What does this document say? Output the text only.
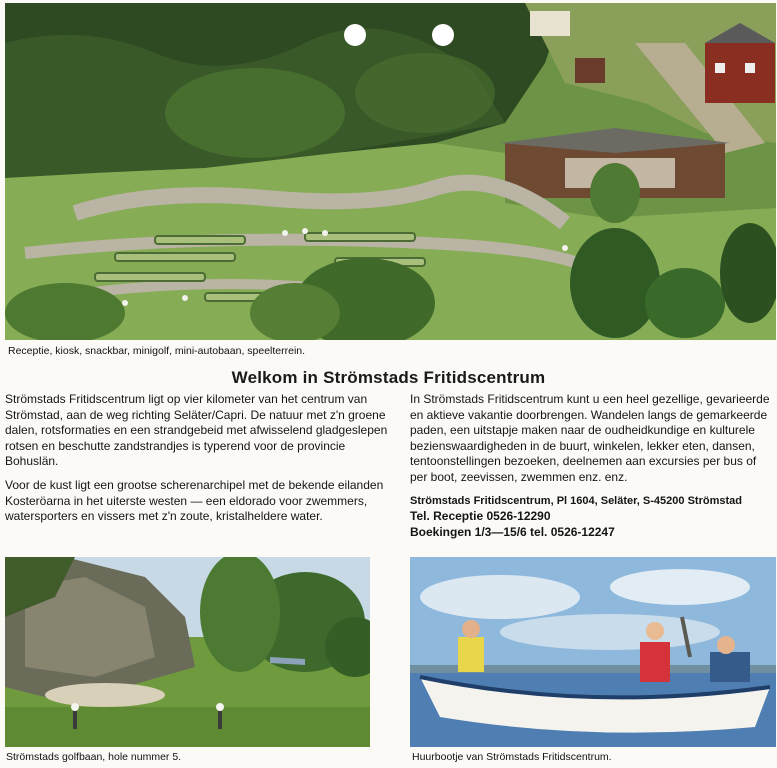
Receptie, kiosk, snackbar, minigolf, mini-autobaan, speelterrein.
Welkom in Strömstads Fritidscentrum

Strömstads Fritidscentrum ligt op vier kilometer van het centrum van Strömstad, aan de weg richting Seläter/Capri. De natuur met z'n groene dalen, rotsformaties en een strandgebeid met afwisselend gladgeslepen rotsen en beschutte zandstrandjes is typerend voor de provincie Bohuslän.

Voor de kust ligt een grootse scherenarchipel met de bekende eilanden Kosteröarna in het uiterste westen — een eldorado voor zwemmers, watersporters en vissers met z'n zoute, kristalheldere water.

In Strömstads Fritidscentrum kunt u een heel gezellige, gevarieerde en aktieve vakantie doorbrengen. Wandelen langs de gemarkeerde paden, een uitstapje maken naar de oudheidkundige en kulturele bezienswaardigheden in de buurt, winkelen, lekker eten, dansen, tentoonstellingen bezoeken, deelnemen aan excursies per bus of per boot, zeevissen, zwemmen enz. enz.

Strömstads Fritidscentrum, Pl 1604, Seläter, S-45200 Strömstad
Tel. Receptie 0526-12290
Boekingen 1/3—15/6 tel. 0526-12247
Strömstads golfbaan, hole nummer 5.	Huurbootje van Strömstads Fritidscentrum.
